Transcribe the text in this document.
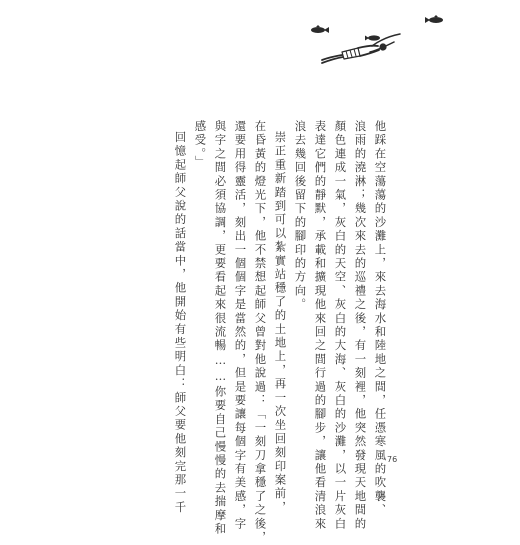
他踩在空蕩蕩的沙灘上，來去海水和陸地之間，任憑寒風的吹襲、
浪雨的澆淋；幾次來去的巡禮之後，有一刻裡，他突然發現天地間的
顏色連成一氣，灰白的天空、灰白的大海、灰白的沙灘，以一片灰白
表達它們的靜默，承載和擴現他來回之間行過的腳步，讓他看清浪來
浪去幾回後留下的腳印的方向。
崇正重新踏到可以紮實站穩了的土地上，再一次坐回刻印案前，
在昏黃的燈光下，他不禁想起師父曾對他說過：「一刻刀拿穩了之後，
還要用得靈活，刻出一個個字是當然的，但是要讓每個字有美感，字
與字之間必須協調，更要看起來很流暢……你要自己慢慢的去揣摩和
感受。」
回憶起師父說的話當中，他開始有些明白：師父要他刻完那一千	76
